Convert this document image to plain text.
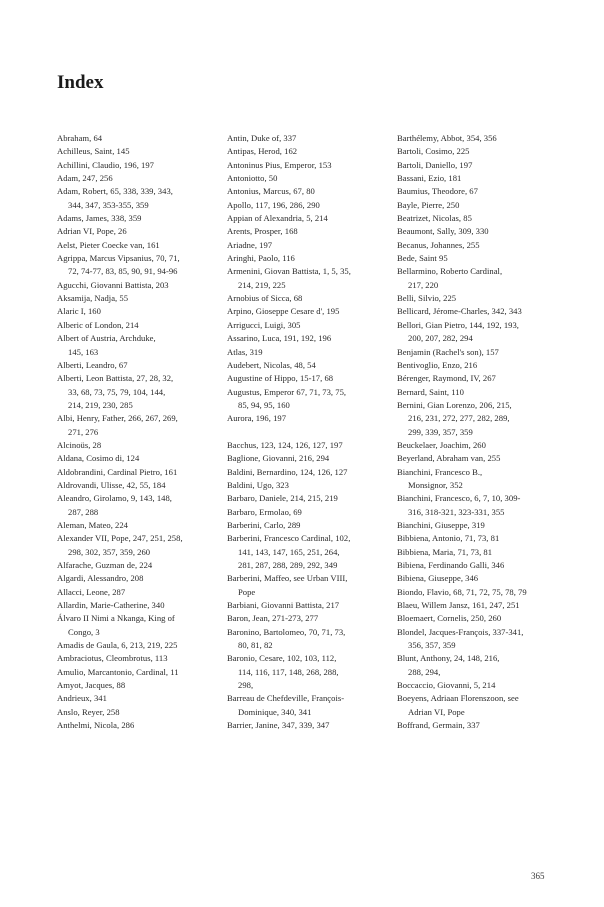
Index
Abraham, 64
Achilleus, Saint, 145
Achillini, Claudio, 196, 197
Adam, 247, 256
Adam, Robert, 65, 338, 339, 343,
344, 347, 353-355, 359
Adams, James, 338, 359
Adrian VI, Pope, 26
Aelst, Pieter Coecke van, 161
Agrippa, Marcus Vipsanius, 70, 71,
72, 74-77, 83, 85, 90, 91, 94-96
Agucchi, Giovanni Battista, 203
Aksamija, Nadja, 55
Alaric I, 160
Alberic of London, 214
Albert of Austria, Archduke,
145, 163
Alberti, Leandro, 67
Alberti, Leon Battista, 27, 28, 32,
33, 68, 73, 75, 79, 104, 144,
214, 219, 230, 285
Albi, Henry, Father, 266, 267, 269,
271, 276
Alcinoüs, 28
Aldana, Cosimo di, 124
Aldobrandini, Cardinal Pietro, 161
Aldrovandi, Ulisse, 42, 55, 184
Aleandro, Girolamo, 9, 143, 148,
287, 288
Aleman, Mateo, 224
Alexander VII, Pope, 247, 251, 258,
298, 302, 357, 359, 260
Alfarache, Guzman de, 224
Algardi, Alessandro, 208
Allacci, Leone, 287
Allardin, Marie-Catherine, 340
Álvaro II Nimi a Nkanga, King of
Congo, 3
Amadis de Gaula, 6, 213, 219, 225
Ambraciotus, Cleombrotus, 113
Amulio, Marcantonio, Cardinal, 11
Amyot, Jacques, 88
Andrieux, 341
Anslo, Reyer, 258
Anthelmi, Nicola, 286
Antin, Duke of, 337
Antipas, Herod, 162
Antoninus Pius, Emperor, 153
Antoniotto, 50
Antonius, Marcus, 67, 80
Apollo, 117, 196, 286, 290
Appian of Alexandria, 5, 214
Arents, Prosper, 168
Ariadne, 197
Aringhi, Paolo, 116
Armenini, Giovan Battista, 1, 5, 35,
214, 219, 225
Arnobius of Sicca, 68
Arpino, Gioseppe Cesare d', 195
Arrigucci, Luigi, 305
Assarino, Luca, 191, 192, 196
Atlas, 319
Audebert, Nicolas, 48, 54
Augustine of Hippo, 15-17, 68
Augustus, Emperor 67, 71, 73, 75,
85, 94, 95, 160
Aurora, 196, 197
Bacchus, 123, 124, 126, 127, 197
Baglione, Giovanni, 216, 294
Baldini, Bernardino, 124, 126, 127
Baldini, Ugo, 323
Barbaro, Daniele, 214, 215, 219
Barbaro, Ermolao, 69
Barberini, Carlo, 289
Barberini, Francesco Cardinal, 102,
141, 143, 147, 165, 251, 264,
281, 287, 288, 289, 292, 349
Barberini, Maffeo, see Urban VIII,
Pope
Barbiani, Giovanni Battista, 217
Baron, Jean, 271-273, 277
Baronino, Bartolomeo, 70, 71, 73,
80, 81, 82
Baronio, Cesare, 102, 103, 112,
114, 116, 117, 148, 268, 288,
298,
Barreau de Chefdeville, François-
Dominique, 340, 341
Barrier, Janine, 347, 339, 347
Barthélemy, Abbot, 354, 356
Bartoli, Cosimo, 225
Bartoli, Daniello, 197
Bassani, Ezio, 181
Baumius, Theodore, 67
Bayle, Pierre, 250
Beatrizet, Nicolas, 85
Beaumont, Sally, 309, 330
Becanus, Johannes, 255
Bede, Saint 95
Bellarmino, Roberto Cardinal,
217, 220
Belli, Silvio, 225
Bellicard, Jérome-Charles, 342, 343
Bellori, Gian Pietro, 144, 192, 193,
200, 207, 282, 294
Benjamin (Rachel's son), 157
Bentivoglio, Enzo, 216
Bérenger, Raymond, IV, 267
Bernard, Saint, 110
Bernini, Gian Lorenzo, 206, 215,
216, 231, 272, 277, 282, 289,
299, 339, 357, 359
Beuckelaer, Joachim, 260
Beyerland, Abraham van, 255
Bianchini, Francesco B.,
Monsignor, 352
Bianchini, Francesco, 6, 7, 10, 309-
316, 318-321, 323-331, 355
Bianchini, Giuseppe, 319
Bibbiena, Antonio, 71, 73, 81
Bibbiena, Maria, 71, 73, 81
Bibiena, Ferdinando Galli, 346
Bibiena, Giuseppe, 346
Biondo, Flavio, 68, 71, 72, 75, 78, 79
Blaeu, Willem Jansz, 161, 247, 251
Bloemaert, Cornelis, 250, 260
Blondel, Jacques-François, 337-341,
356, 357, 359
Blunt, Anthony, 24, 148, 216,
288, 294,
Boccaccio, Giovanni, 5, 214
Boeyens, Adriaan Florenszoon, see
Adrian VI, Pope
Boffrand, Germain, 337
365
